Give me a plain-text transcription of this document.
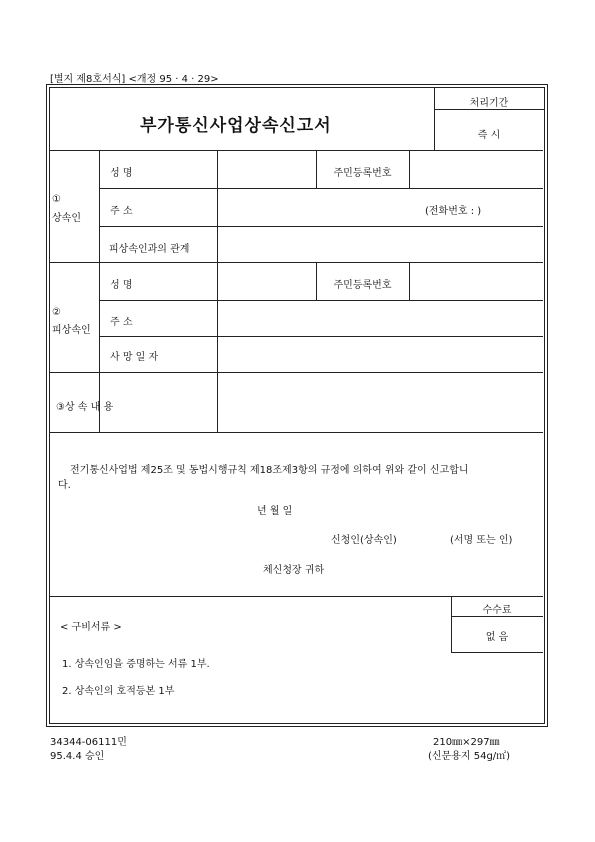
[별지 제8호서식] <개정 95 · 4 · 29>
부가통신사업상속신고서
처리기간
즉 시
①
상속인
성 명	주민등록번호
주 소	(전화번호 : )
피상속인과의 관계
②
피상속인
성 명	주민등록번호
주 소
사 망 일 자
③상 속 내 용
전기통신사업법 제25조 및 동법시행규칙 제18조제3항의 규정에 의하여 위와 같이 신고합니
다.
년 월 일
신청인(상속인)	(서명 또는 인)
체신청장 귀하
< 구비서류 >
수수료
없 음
1. 상속인임을 증명하는 서류 1부.
2. 상속인의 호적등본 1부
34344-06111민
95.4.4 승인
210㎜×297㎜
(신문용지 54g/㎡)
